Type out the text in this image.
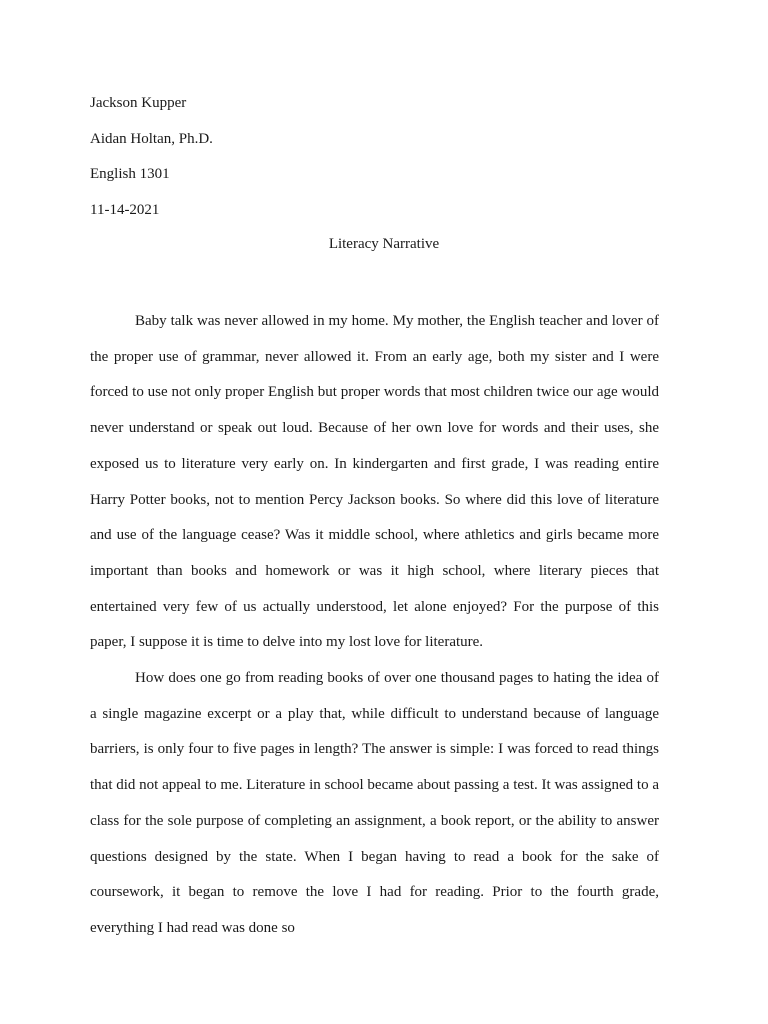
Jackson Kupper
Aidan Holtan, Ph.D.
English 1301
11-14-2021
Literacy Narrative

Baby talk was never allowed in my home. My mother, the English teacher and lover of the proper use of grammar, never allowed it. From an early age, both my sister and I were forced to use not only proper English but proper words that most children twice our age would never understand or speak out loud. Because of her own love for words and their uses, she exposed us to literature very early on. In kindergarten and first grade, I was reading entire Harry Potter books, not to mention Percy Jackson books. So where did this love of literature and use of the language cease? Was it middle school, where athletics and girls became more important than books and homework or was it high school, where literary pieces that entertained very few of us actually understood, let alone enjoyed? For the purpose of this paper, I suppose it is time to delve into my lost love for literature.

How does one go from reading books of over one thousand pages to hating the idea of a single magazine excerpt or a play that, while difficult to understand because of language barriers, is only four to five pages in length? The answer is simple: I was forced to read things that did not appeal to me. Literature in school became about passing a test. It was assigned to a class for the sole purpose of completing an assignment, a book report, or the ability to answer questions designed by the state. When I began having to read a book for the sake of coursework, it began to remove the love I had for reading. Prior to the fourth grade, everything I had read was done so
